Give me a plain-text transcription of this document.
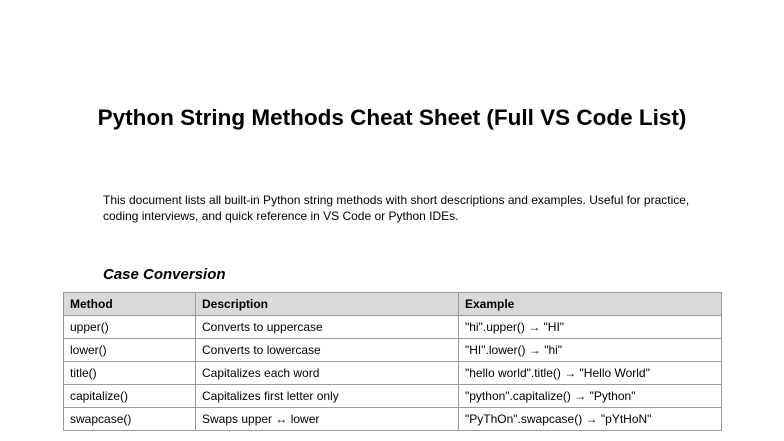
Python String Methods Cheat Sheet (Full VS Code List)
This document lists all built-in Python string methods with short descriptions and examples. Useful for practice, coding interviews, and quick reference in VS Code or Python IDEs.
Case Conversion
Method	Description	Example
upper()	Converts to uppercase	"hi".upper() → "HI"
lower()	Converts to lowercase	"HI".lower() → "hi"
title()	Capitalizes each word	"hello world".title() → "Hello World"
capitalize()	Capitalizes first letter only	"python".capitalize() → "Python"
swapcase()	Swaps upper ↔ lower	"PyThOn".swapcase() → "pYtHoN"
